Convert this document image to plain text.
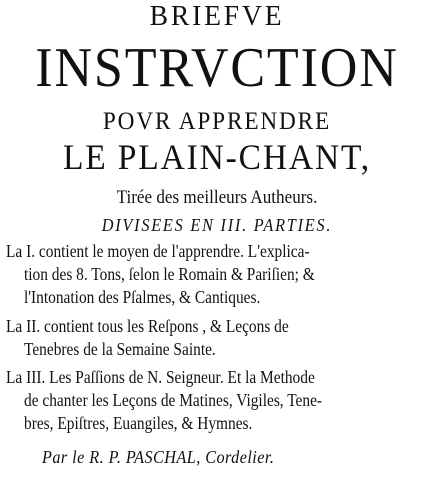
BRIEFVE
INSTRVCTION
POVR APPRENDRE
LE PLAIN-CHANT,
Tirée des meilleurs Autheurs.
DIVISEES EN III. PARTIES.
La I. contient le moyen de l'apprendre. L'explica-
tion des 8. Tons, ſelon le Romain & Pariſien; &
l'Intonation des Pſalmes, & Cantiques.
La II. contient tous les Reſpons , & Leçons de
Tenebres de la Semaine Sainte.
La III. Les Paſſions de N. Seigneur. Et la Methode
de chanter les Leçons de Matines, Vigiles, Tene-
bres, Epiſtres, Euangiles, & Hymnes.
Par le R. P. PASCHAL, Cordelier.
